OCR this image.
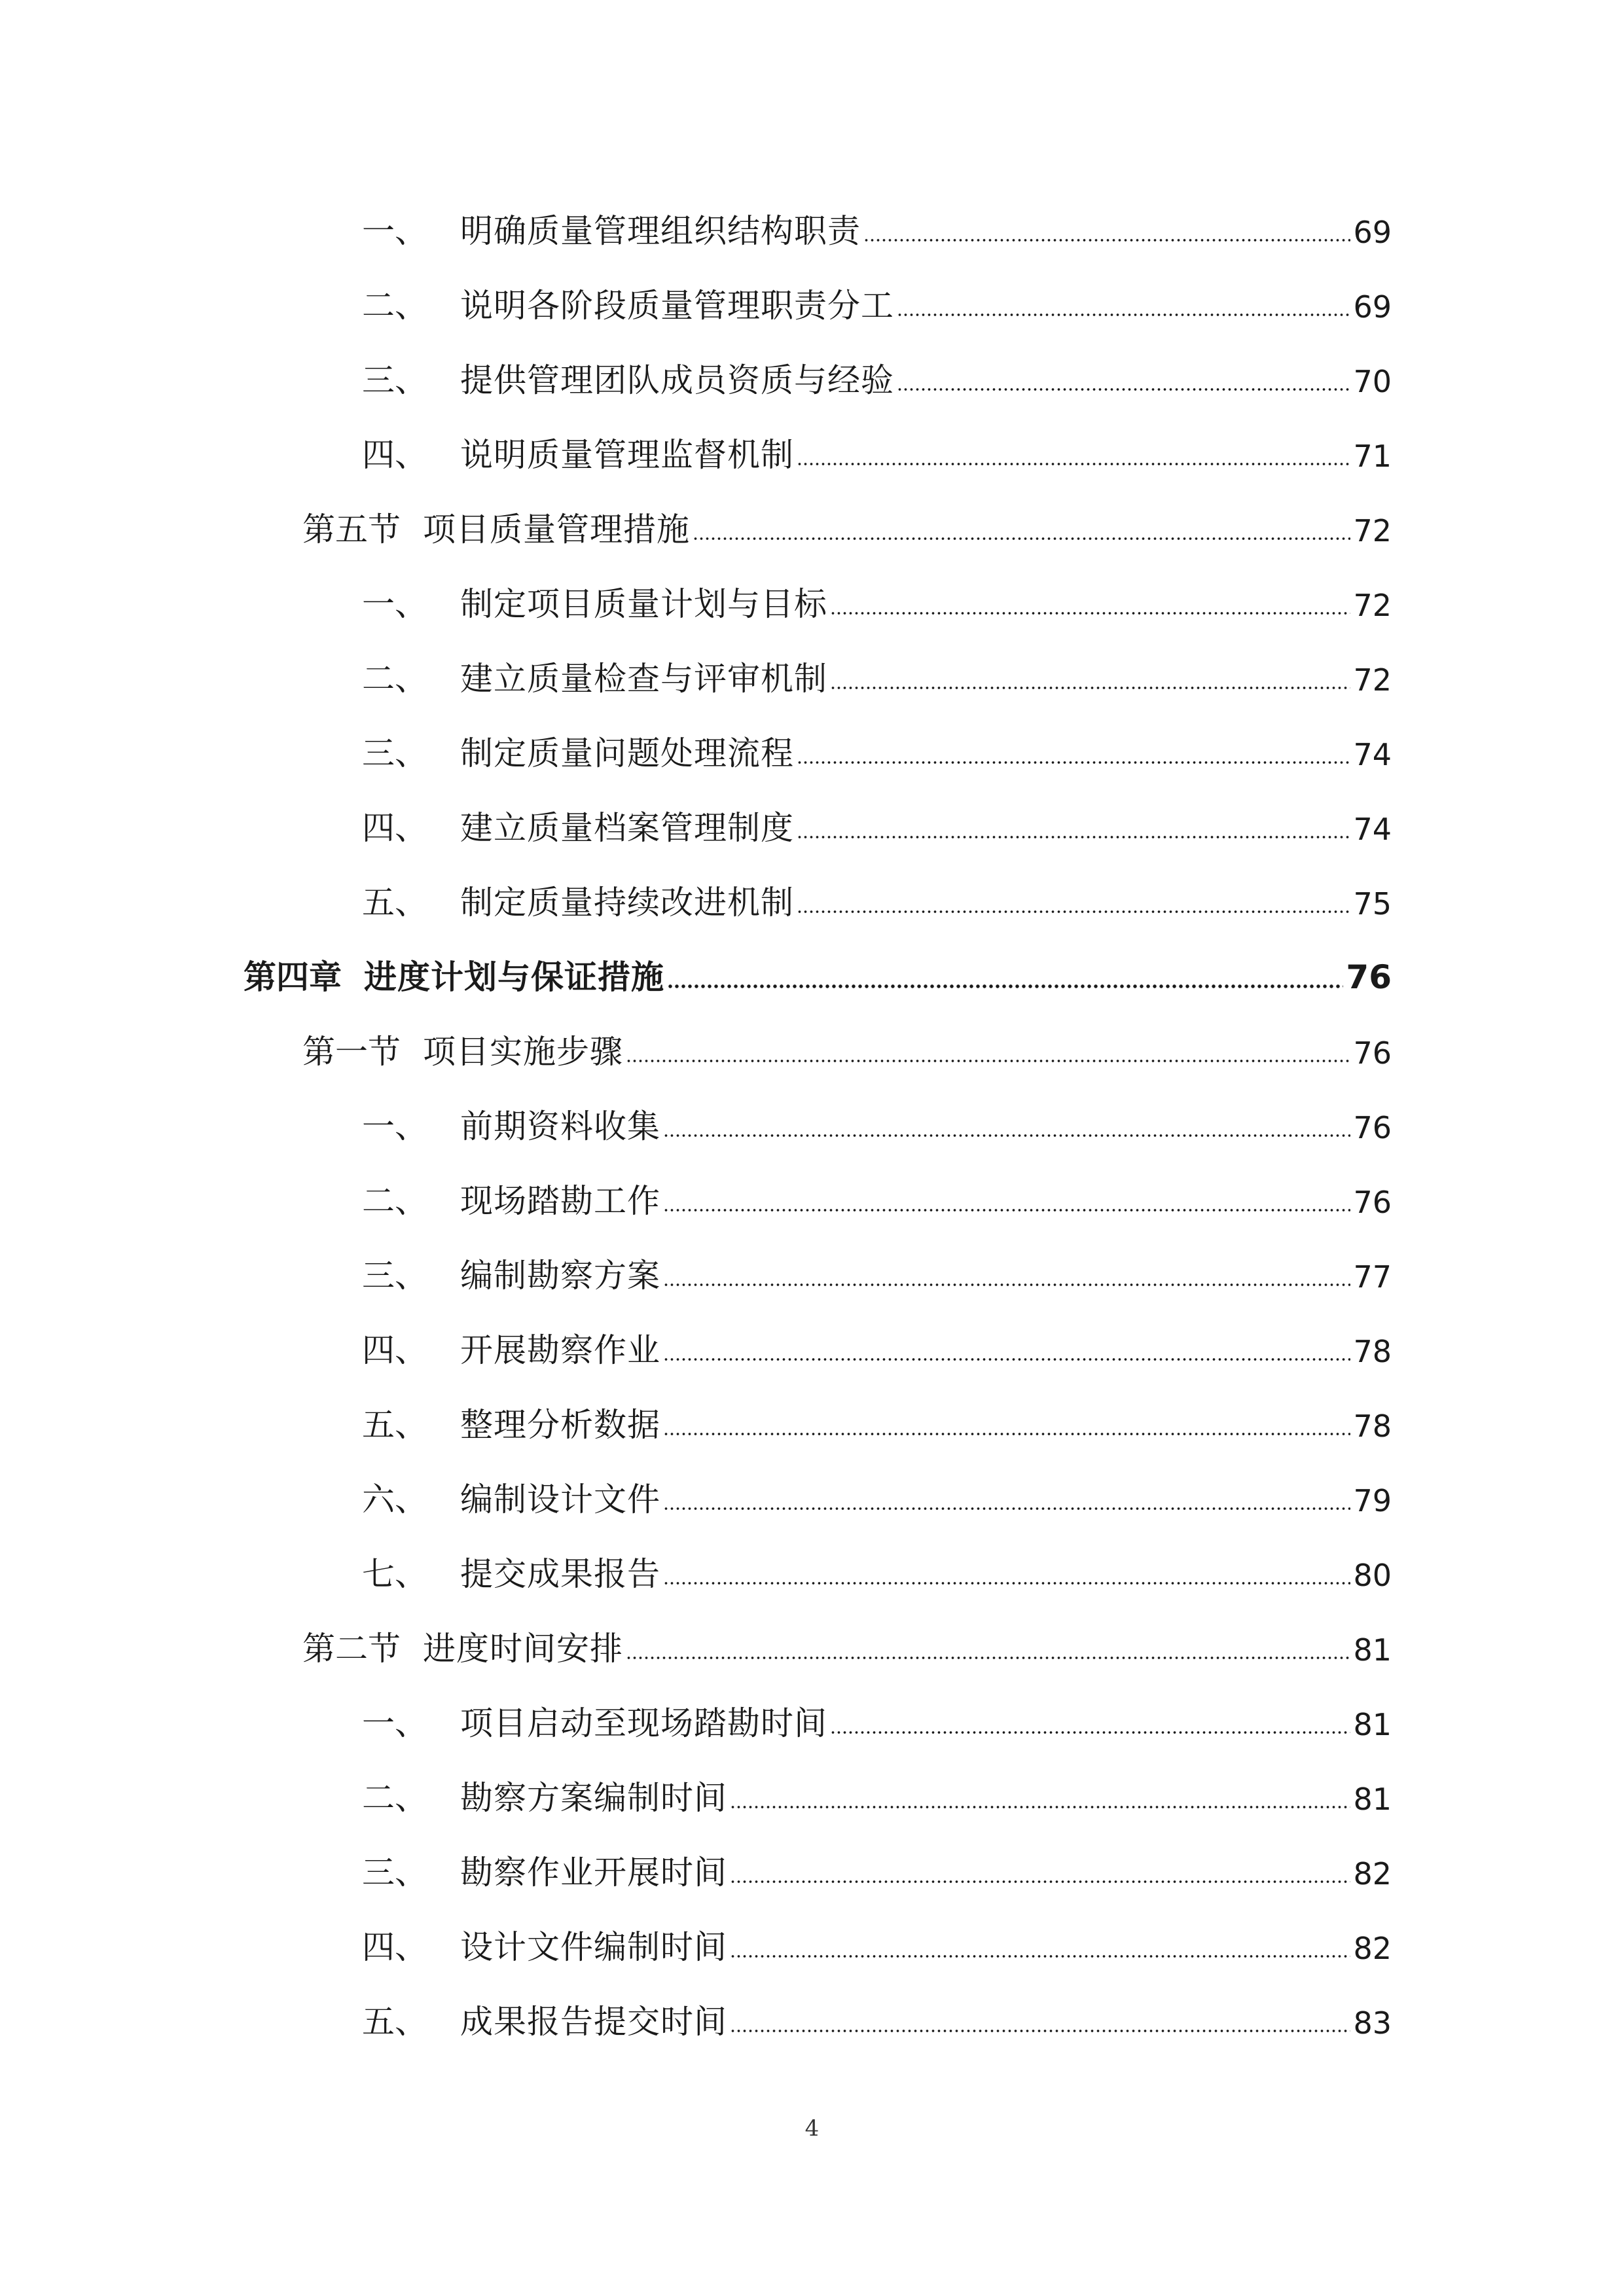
一、	明确质量管理组织结构职责	69
二、	说明各阶段质量管理职责分工	69
三、	提供管理团队成员资质与经验	70
四、	说明质量管理监督机制	71
第五节 项目质量管理措施	72
一、	制定项目质量计划与目标	72
二、	建立质量检查与评审机制	72
三、	制定质量问题处理流程	74
四、	建立质量档案管理制度	74
五、	制定质量持续改进机制	75
第四章 进度计划与保证措施	76
第一节 项目实施步骤	76
一、	前期资料收集	76
二、	现场踏勘工作	76
三、	编制勘察方案	77
四、	开展勘察作业	78
五、	整理分析数据	78
六、	编制设计文件	79
七、	提交成果报告	80
第二节 进度时间安排	81
一、	项目启动至现场踏勘时间	81
二、	勘察方案编制时间	81
三、	勘察作业开展时间	82
四、	设计文件编制时间	82
五、	成果报告提交时间	83
4
